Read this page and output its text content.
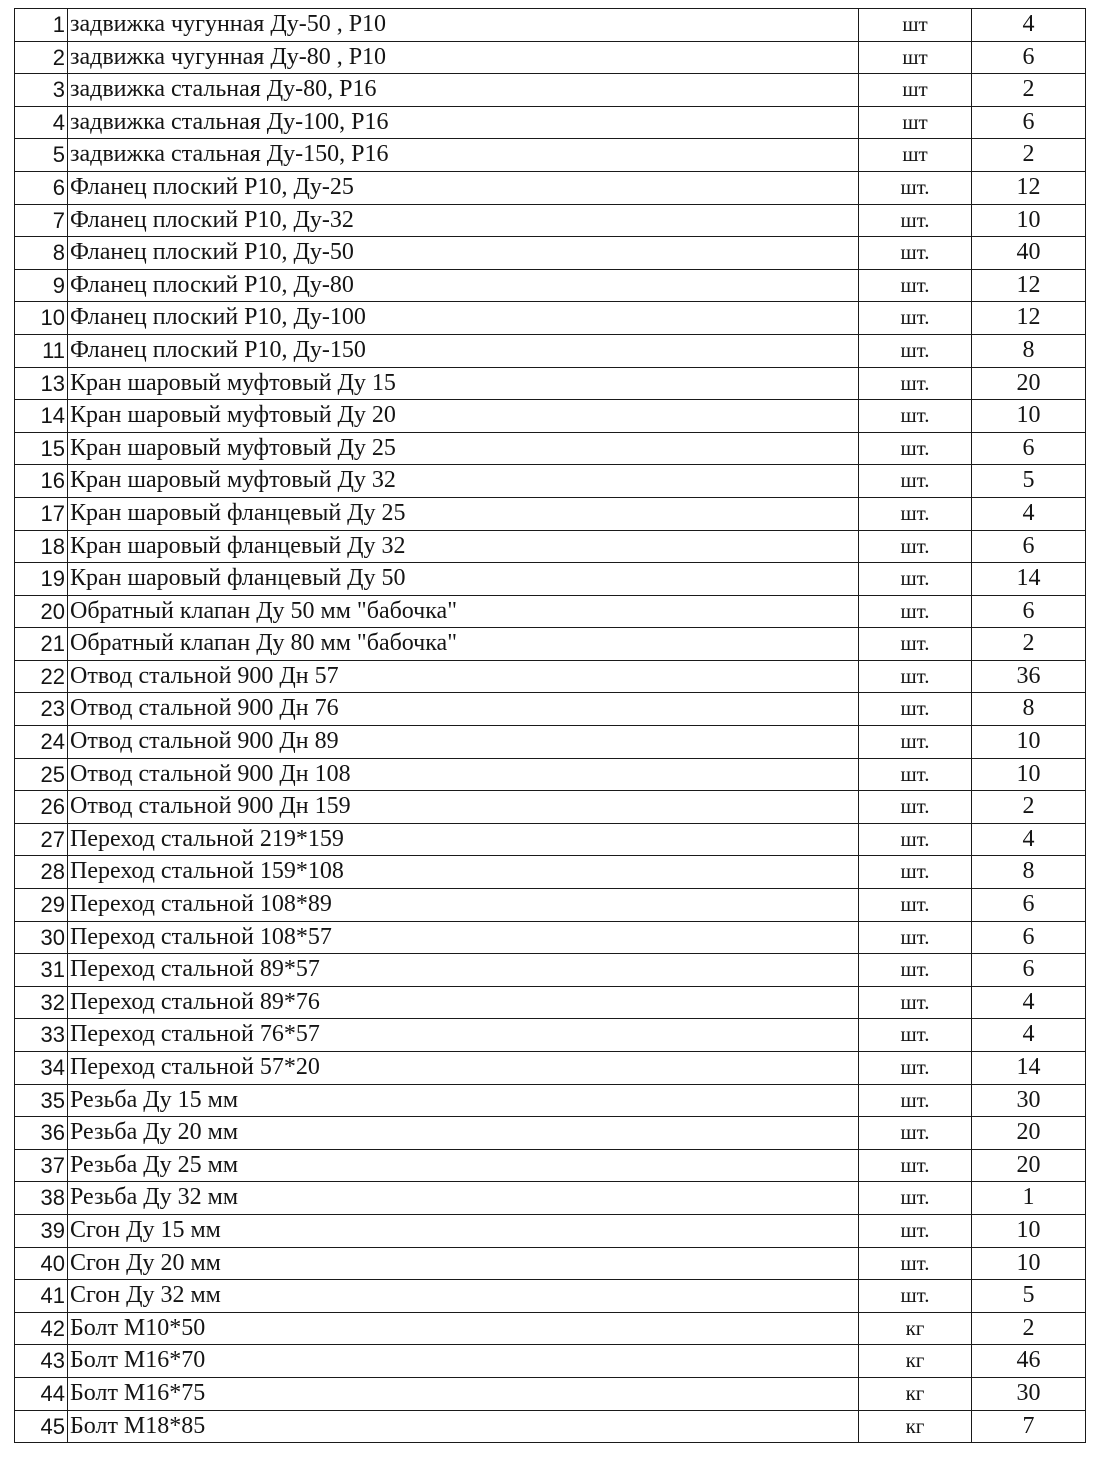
1	задвижка чугунная Ду-50 , Р10	шт	4
2	задвижка чугунная Ду-80 , Р10	шт	6
3	задвижка стальная Ду-80, Р16	шт	2
4	задвижка стальная Ду-100, Р16	шт	6
5	задвижка стальная Ду-150, Р16	шт	2
6	Фланец плоский Р10, Ду-25	шт.	12
7	Фланец плоский Р10, Ду-32	шт.	10
8	Фланец плоский Р10, Ду-50	шт.	40
9	Фланец плоский Р10, Ду-80	шт.	12
10	Фланец плоский Р10, Ду-100	шт.	12
11	Фланец плоский Р10, Ду-150	шт.	8
13	Кран шаровый муфтовый Ду 15	шт.	20
14	Кран шаровый муфтовый Ду 20	шт.	10
15	Кран шаровый муфтовый Ду 25	шт.	6
16	Кран шаровый муфтовый Ду 32	шт.	5
17	Кран шаровый фланцевый Ду 25	шт.	4
18	Кран шаровый фланцевый Ду 32	шт.	6
19	Кран шаровый фланцевый Ду 50	шт.	14
20	Обратный клапан Ду 50 мм "бабочка"	шт.	6
21	Обратный клапан Ду 80 мм "бабочка"	шт.	2
22	Отвод стальной 900 Дн 57	шт.	36
23	Отвод стальной 900 Дн 76	шт.	8
24	Отвод стальной 900 Дн 89	шт.	10
25	Отвод стальной 900 Дн 108	шт.	10
26	Отвод стальной 900 Дн 159	шт.	2
27	Переход стальной 219*159	шт.	4
28	Переход стальной 159*108	шт.	8
29	Переход стальной 108*89	шт.	6
30	Переход стальной 108*57	шт.	6
31	Переход стальной 89*57	шт.	6
32	Переход стальной 89*76	шт.	4
33	Переход стальной 76*57	шт.	4
34	Переход стальной 57*20	шт.	14
35	Резьба Ду 15 мм	шт.	30
36	Резьба Ду 20 мм	шт.	20
37	Резьба Ду 25 мм	шт.	20
38	Резьба Ду 32 мм	шт.	1
39	Сгон Ду 15 мм	шт.	10
40	Сгон Ду 20 мм	шт.	10
41	Сгон Ду 32 мм	шт.	5
42	Болт М10*50	кг	2
43	Болт М16*70	кг	46
44	Болт М16*75	кг	30
45	Болт М18*85	кг	7
